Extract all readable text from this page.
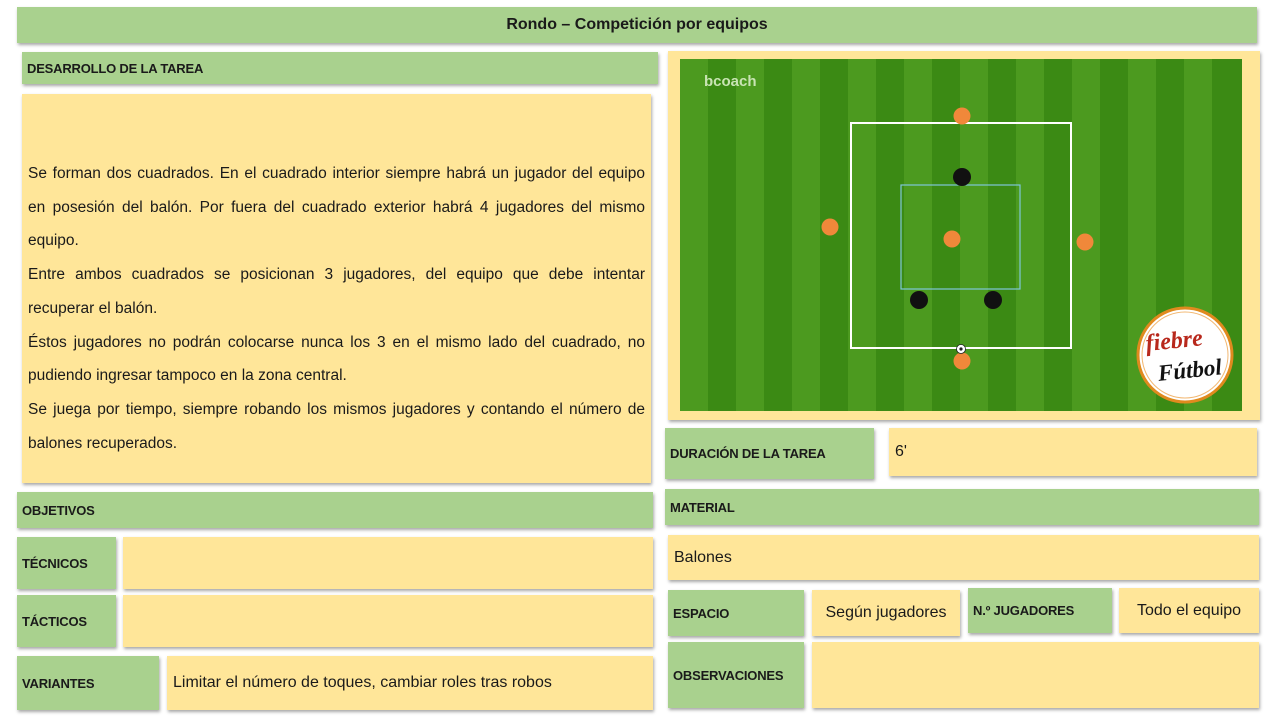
Rondo – Competición por equipos
DESARROLLO DE LA TAREA

Se forman dos cuadrados. En el cuadrado interior siempre habrá un jugador del equipo en posesión del balón. Por fuera del cuadrado exterior habrá 4 jugadores del mismo equipo.

Entre ambos cuadrados se posicionan 3 jugadores, del equipo que debe intentar recuperar el balón.

Éstos jugadores no podrán colocarse nunca los 3 en el mismo lado del cuadrado, no pudiendo ingresar tampoco en la zona central.

Se juega por tiempo, siempre robando los mismos jugadores y contando el número de balones recuperados.

bcoach
fiebre
Fútbol
DURACIÓN DE LA TAREA	6'
MATERIAL
Balones
ESPACIO	Según jugadores N.º JUGADORES	Todo el equipo
OBSERVACIONES
OBJETIVOS
TÉCNICOS
TÁCTICOS
VARIANTES	Limitar el número de toques, cambiar roles tras robos
